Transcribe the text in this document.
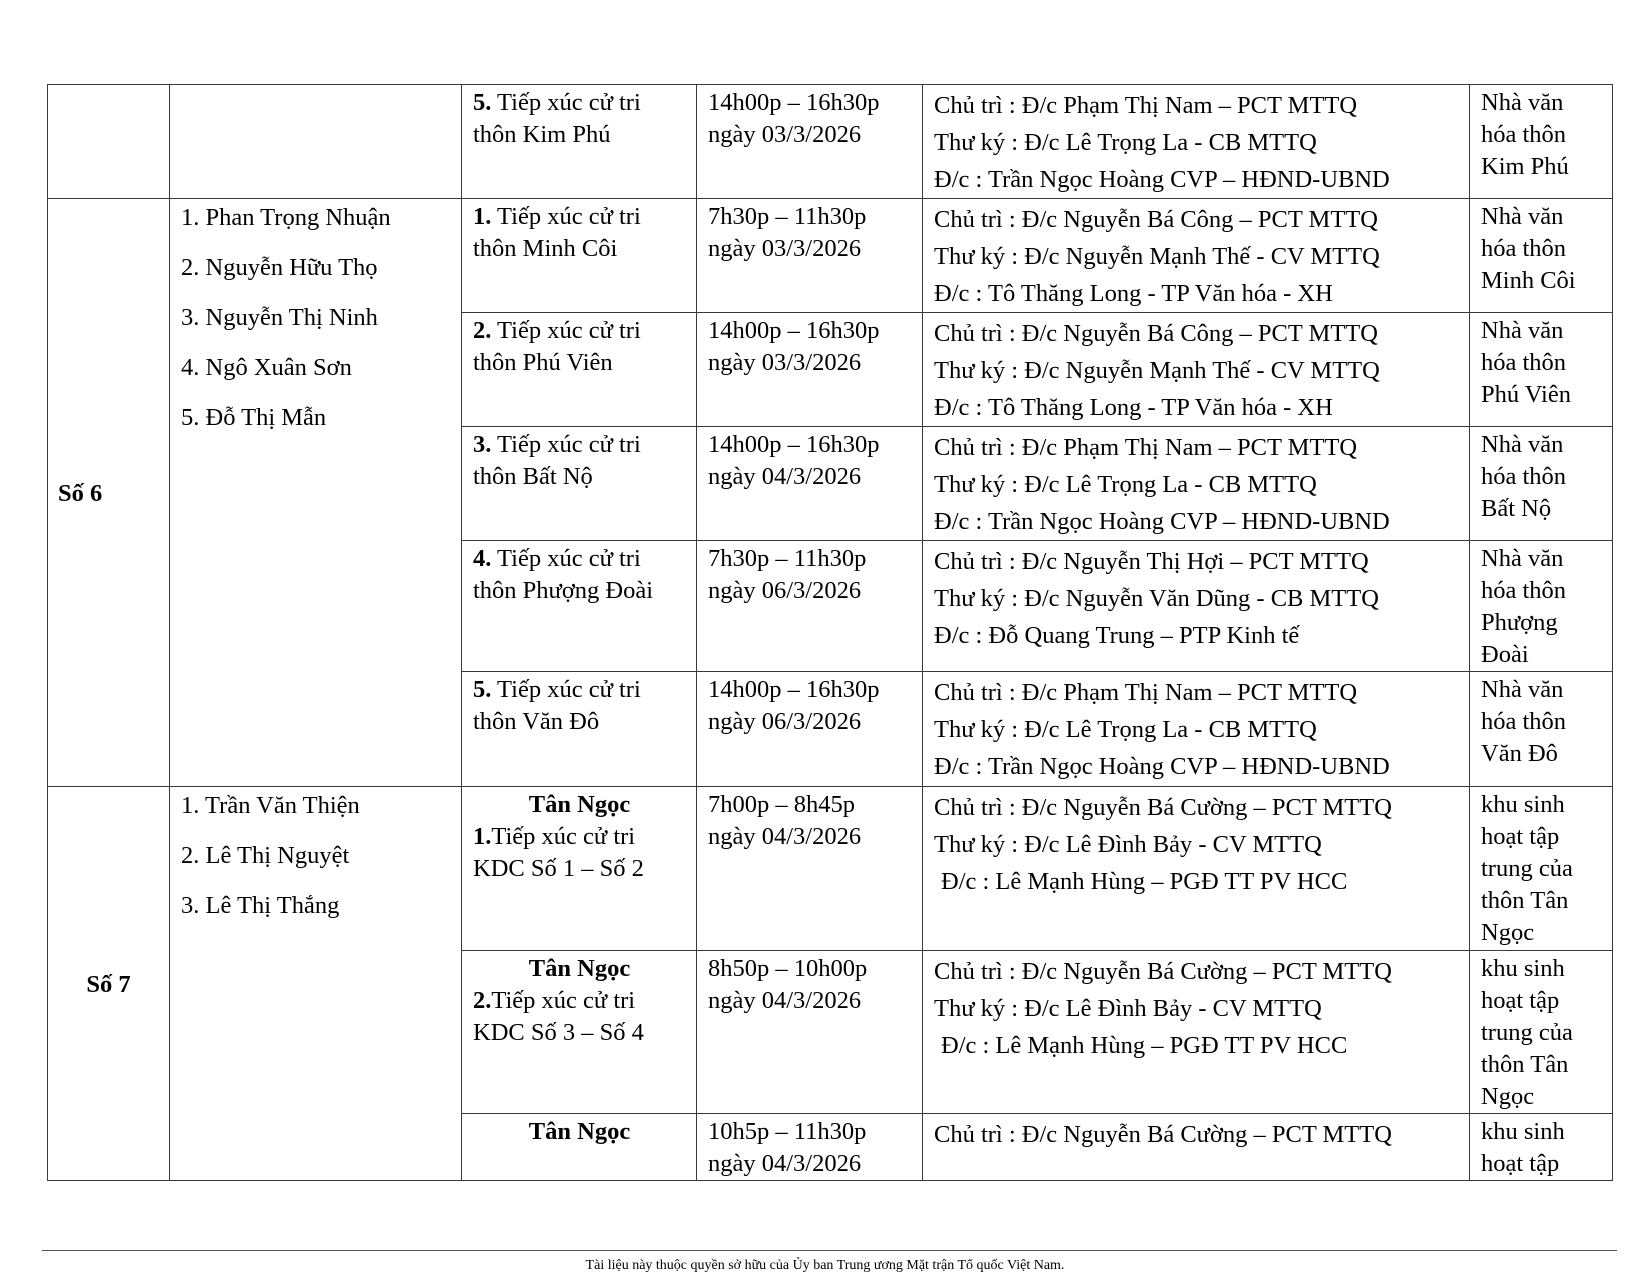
		5. Tiếp xúc cử tri thôn Kim Phú	14h00p – 16h30p
ngày 03/3/2026	Chủ trì : Đ/c Phạm Thị Nam – PCT MTTQ
Thư ký : Đ/c Lê Trọng La - CB MTTQ
Đ/c : Trần Ngọc Hoàng CVP – HĐND-UBND	Nhà văn
hóa thôn
Kim Phú

Số 6	1. Phan Trọng Nhuận
2. Nguyễn Hữu Thọ
3. Nguyễn Thị Ninh
4. Ngô Xuân Sơn
5. Đỗ Thị Mẫn	1. Tiếp xúc cử tri thôn Minh Côi	7h30p – 11h30p
ngày 03/3/2026	Chủ trì : Đ/c Nguyễn Bá Công – PCT MTTQ
Thư ký : Đ/c Nguyễn Mạnh Thế - CV MTTQ
Đ/c : Tô Thăng Long - TP Văn hóa - XH	Nhà văn
hóa thôn
Minh Côi

		2. Tiếp xúc cử tri thôn Phú Viên	14h00p – 16h30p
ngày 03/3/2026	Chủ trì : Đ/c Nguyễn Bá Công – PCT MTTQ
Thư ký : Đ/c Nguyễn Mạnh Thế - CV MTTQ
Đ/c : Tô Thăng Long - TP Văn hóa - XH	Nhà văn
hóa thôn
Phú Viên

		3. Tiếp xúc cử tri thôn Bất Nộ	14h00p – 16h30p
ngày 04/3/2026	Chủ trì : Đ/c Phạm Thị Nam – PCT MTTQ
Thư ký : Đ/c Lê Trọng La - CB MTTQ
Đ/c : Trần Ngọc Hoàng CVP – HĐND-UBND	Nhà văn
hóa thôn
Bất Nộ

		4. Tiếp xúc cử tri thôn Phượng Đoài	7h30p – 11h30p
ngày 06/3/2026	Chủ trì : Đ/c Nguyễn Thị Hợi – PCT MTTQ
Thư ký : Đ/c Nguyễn Văn Dũng - CB MTTQ
Đ/c : Đỗ Quang Trung – PTP Kinh tế	Nhà văn
hóa thôn
Phượng
Đoài

		5. Tiếp xúc cử tri thôn Văn Đô	14h00p – 16h30p
ngày 06/3/2026	Chủ trì : Đ/c Phạm Thị Nam – PCT MTTQ
Thư ký : Đ/c Lê Trọng La - CB MTTQ
Đ/c : Trần Ngọc Hoàng CVP – HĐND-UBND	Nhà văn
hóa thôn
Văn Đô

Số 7	1. Trần Văn Thiện
2. Lê Thị Nguyệt
3. Lê Thị Thắng	Tân Ngọc
1.Tiếp xúc cử tri KDC Số 1 – Số 2	7h00p – 8h45p
ngày 04/3/2026	Chủ trì : Đ/c Nguyễn Bá Cường – PCT MTTQ
Thư ký : Đ/c Lê Đình Bảy - CV MTTQ
Đ/c : Lê Mạnh Hùng – PGĐ TT PV HCC	khu sinh
hoạt tập
trung của
thôn Tân
Ngọc

		Tân Ngọc
2.Tiếp xúc cử tri KDC Số 3 – Số 4	8h50p – 10h00p
ngày 04/3/2026	Chủ trì : Đ/c Nguyễn Bá Cường – PCT MTTQ
Thư ký : Đ/c Lê Đình Bảy - CV MTTQ
Đ/c : Lê Mạnh Hùng – PGĐ TT PV HCC	khu sinh
hoạt tập
trung của
thôn Tân
Ngọc

		Tân Ngọc	10h5p – 11h30p
ngày 04/3/2026	Chủ trì : Đ/c Nguyễn Bá Cường – PCT MTTQ	khu sinh
hoạt tập
Tài liệu này thuộc quyền sở hữu của Ủy ban Trung ương Mặt trận Tổ quốc Việt Nam.
